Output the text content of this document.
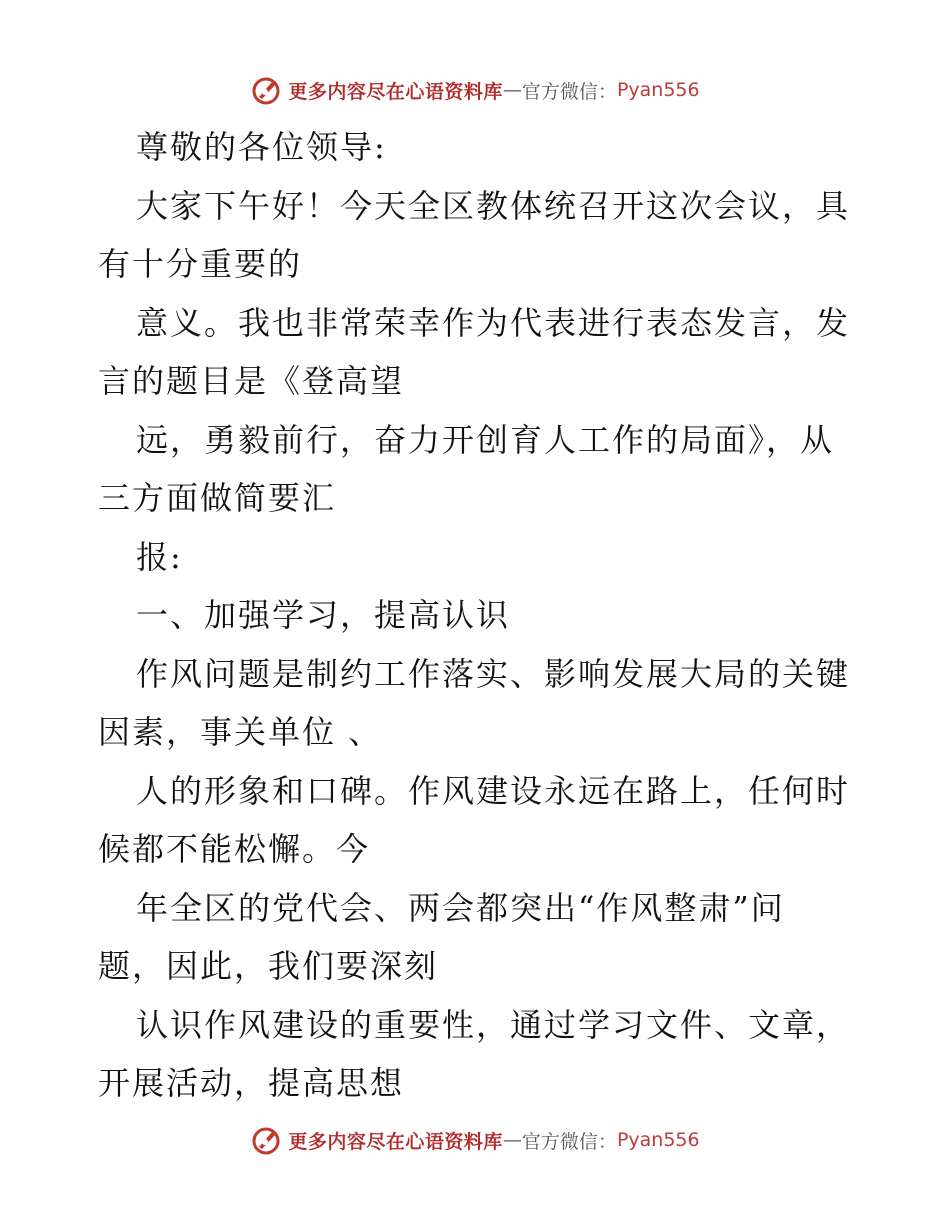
更多内容尽在心语资料库 — 官方微信： Pyan556
尊敬的各位领导:
大家下午好！今天全区教体统召开这次会议，具
有十分重要的
意义。我也非常荣幸作为代表进行表态发言，发
言的题目是《登高望
远，勇毅前行，奋力开创育人工作的局面》，从
三方面做简要汇
报:
一、加强学习，提高认识
作风问题是制约工作落实、影响发展大局的关键
因素，事关单位 、
人的形象和口碑。作风建设永远在路上，任何时
候都不能松懈。今
年全区的党代会、两会都突出“作风整肃”问
题，因此，我们要深刻
认识作风建设的重要性，通过学习文件、文章，
开展活动，提高思想
更多内容尽在心语资料库 — 官方微信： Pyan556
